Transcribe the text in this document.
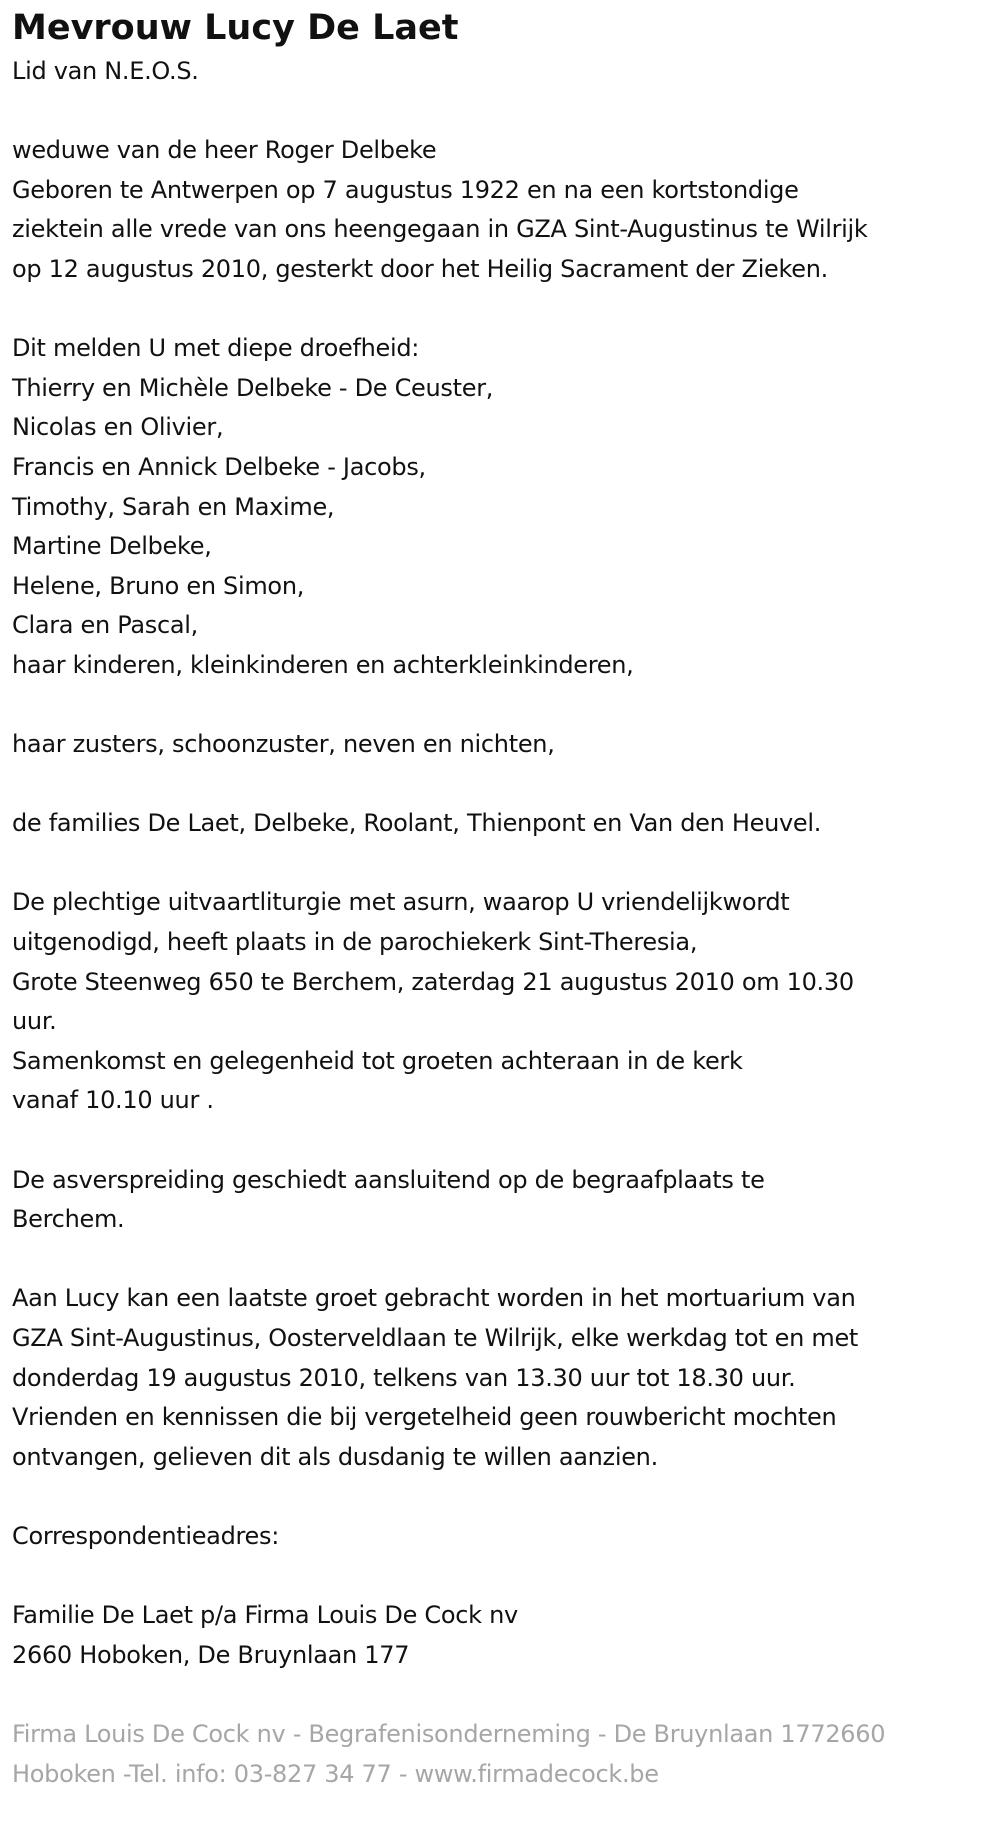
Mevrouw Lucy De Laet
Lid van N.E.O.S.
weduwe van de heer Roger Delbeke
Geboren te Antwerpen op 7 augustus 1922 en na een kortstondige
ziektein alle vrede van ons heengegaan in GZA Sint-Augustinus te Wilrijk
op 12 augustus 2010, gesterkt door het Heilig Sacrament der Zieken.
Dit melden U met diepe droefheid:
Thierry en Michèle Delbeke - De Ceuster,
Nicolas en Olivier,
Francis en Annick Delbeke - Jacobs,
Timothy, Sarah en Maxime,
Martine Delbeke,
Helene, Bruno en Simon,
Clara en Pascal,
haar kinderen, kleinkinderen en achterkleinkinderen,
haar zusters, schoonzuster, neven en nichten,
de families De Laet, Delbeke, Roolant, Thienpont en Van den Heuvel.
De plechtige uitvaartliturgie met asurn, waarop U vriendelijkwordt
uitgenodigd, heeft plaats in de parochiekerk Sint-Theresia,
Grote Steenweg 650 te Berchem, zaterdag 21 augustus 2010 om 10.30
uur.
Samenkomst en gelegenheid tot groeten achteraan in de kerk
vanaf 10.10 uur .
De asverspreiding geschiedt aansluitend op de begraafplaats te
Berchem.
Aan Lucy kan een laatste groet gebracht worden in het mortuarium van
GZA Sint-Augustinus, Oosterveldlaan te Wilrijk, elke werkdag tot en met
donderdag 19 augustus 2010, telkens van 13.30 uur tot 18.30 uur.
Vrienden en kennissen die bij vergetelheid geen rouwbericht mochten
ontvangen, gelieven dit als dusdanig te willen aanzien.
Correspondentieadres:
Familie De Laet p/a Firma Louis De Cock nv
2660 Hoboken, De Bruynlaan 177
Firma Louis De Cock nv - Begrafenisonderneming - De Bruynlaan 1772660
Hoboken -Tel. info: 03-827 34 77 - www.firmadecock.be
